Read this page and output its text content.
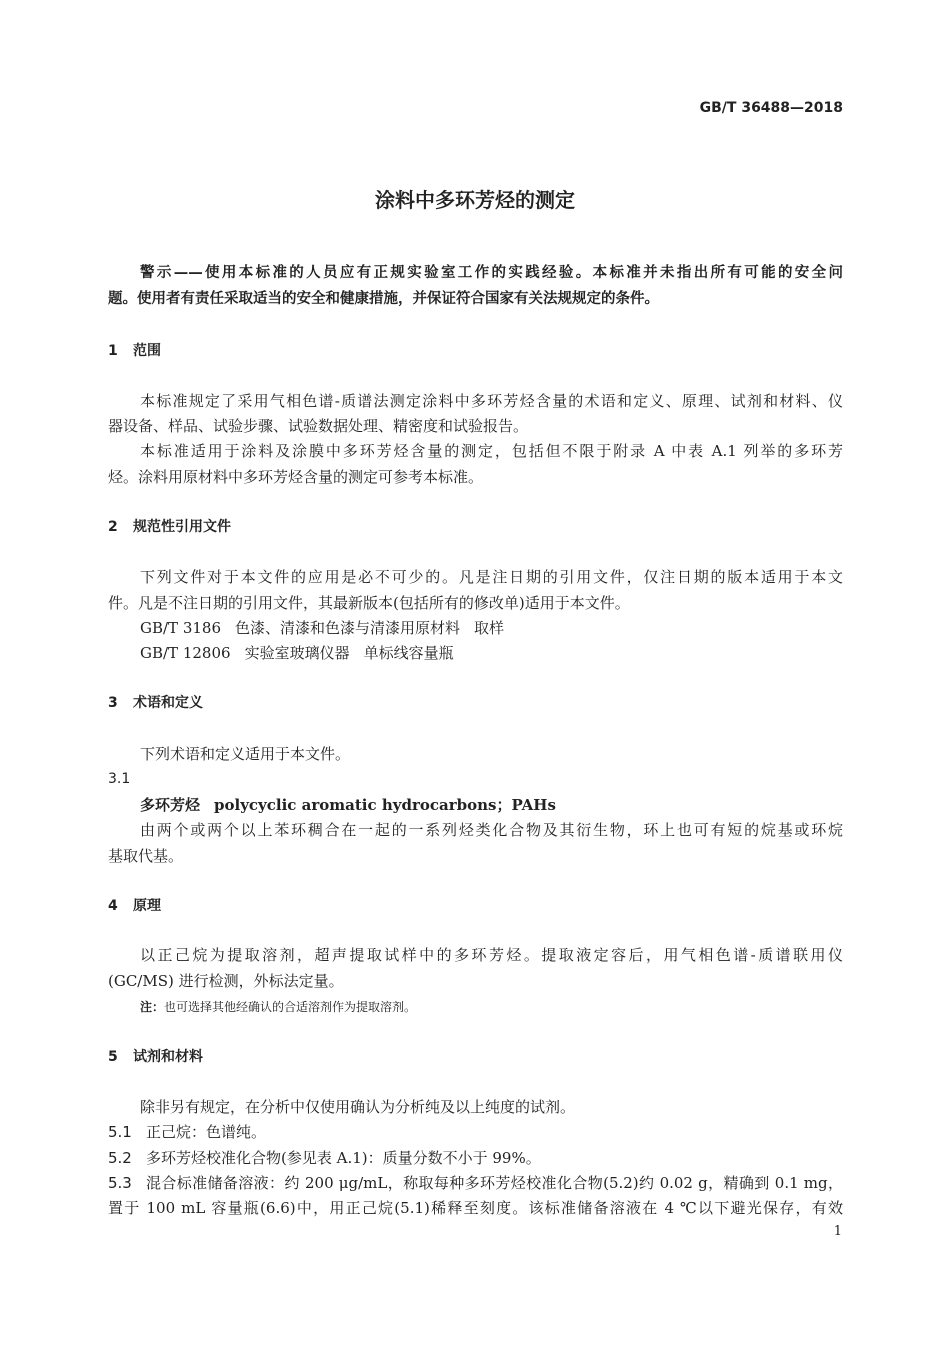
GB/T 36488—2018
涂料中多环芳烃的测定
警示——使用本标准的人员应有正规实验室工作的实践经验。本标准并未指出所有可能的安全问
题。使用者有责任采取适当的安全和健康措施，并保证符合国家有关法规规定的条件。
1 范围
本标准规定了采用气相色谱-质谱法测定涂料中多环芳烃含量的术语和定义、原理、试剂和材料、仪
器设备、样品、试验步骤、试验数据处理、精密度和试验报告。
本标准适用于涂料及涂膜中多环芳烃含量的测定，包括但不限于附录 A 中表 A.1 列举的多环芳
烃。涂料用原材料中多环芳烃含量的测定可参考本标准。
2 规范性引用文件
下列文件对于本文件的应用是必不可少的。凡是注日期的引用文件，仅注日期的版本适用于本文
件。凡是不注日期的引用文件，其最新版本(包括所有的修改单)适用于本文件。
GB/T 3186 色漆、清漆和色漆与清漆用原材料 取样
GB/T 12806 实验室玻璃仪器 单标线容量瓶
3 术语和定义
下列术语和定义适用于本文件。
3.1
多环芳烃 polycyclic aromatic hydrocarbons；PAHs
由两个或两个以上苯环稠合在一起的一系列烃类化合物及其衍生物，环上也可有短的烷基或环烷
基取代基。
4 原理
以正己烷为提取溶剂，超声提取试样中的多环芳烃。提取液定容后，用气相色谱-质谱联用仪
(GC/MS) 进行检测，外标法定量。
注：也可选择其他经确认的合适溶剂作为提取溶剂。
5 试剂和材料
除非另有规定，在分析中仅使用确认为分析纯及以上纯度的试剂。
5.1 正己烷：色谱纯。
5.2 多环芳烃校准化合物(参见表 A.1)：质量分数不小于 99%。
5.3 混合标准储备溶液：约 200 μg/mL，称取每种多环芳烃校准化合物(5.2)约 0.02 g，精确到 0.1 mg，
置于 100 mL 容量瓶(6.6)中，用正己烷(5.1)稀释至刻度。该标准储备溶液在 4 ℃以下避光保存，有效
1
